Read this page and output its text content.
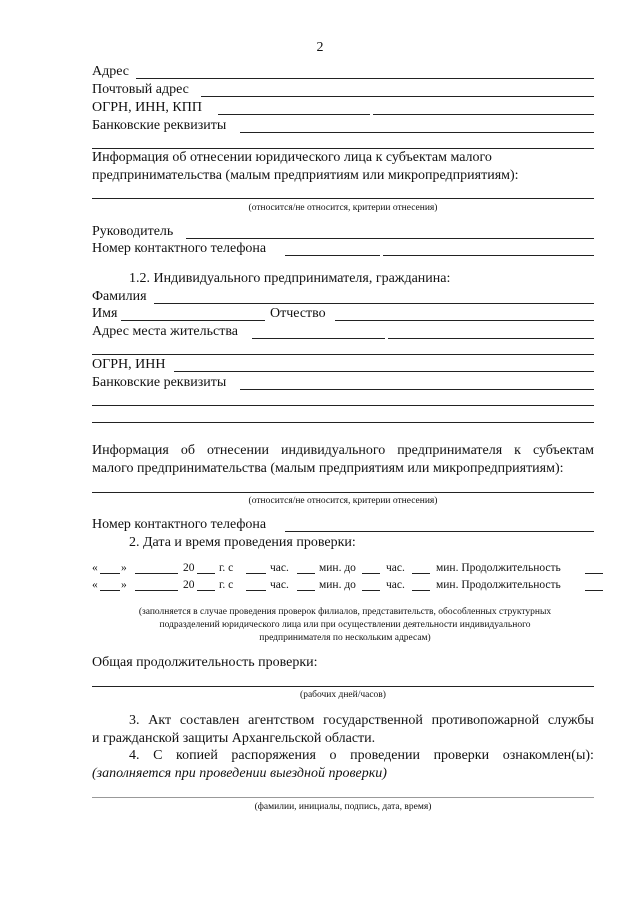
2
Адрес
Почтовый адрес
ОГРН, ИНН, КПП
Банковские реквизиты
Информация об отнесении юридического лица к субъектам малого
предпринимательства (малым предприятиям или микропредприятиям):
(относится/не относится, критерии отнесения)
Руководитель
Номер контактного телефона
1.2. Индивидуального предпринимателя, гражданина:
Фамилия
Имя	Отчество
Адрес места жительства
ОГРН, ИНН
Банковские реквизиты
Информация об отнесении индивидуального предпринимателя к субъектам
малого предпринимательства (малым предприятиям или микропредприятиям):
(относится/не относится, критерии отнесения)
Номер контактного телефона
2. Дата и время проведения проверки:
« »	20 г. с	час.	мин. до	час.	мин. Продолжительность
« »	20 г. с	час.	мин. до	час.	мин. Продолжительность
(заполняется в случае проведения проверок филиалов, представительств, обособленных структурных
подразделений юридического лица или при осуществлении деятельности индивидуального
предпринимателя по нескольким адресам)
Общая продолжительность проверки:
(рабочих дней/часов)
3. Акт составлен агентством государственной противопожарной службы
и гражданской защиты Архангельской области.
4. С копией распоряжения о проведении проверки ознакомлен(ы):
(заполняется при проведении выездной проверки)
(фамилии, инициалы, подпись, дата, время)
